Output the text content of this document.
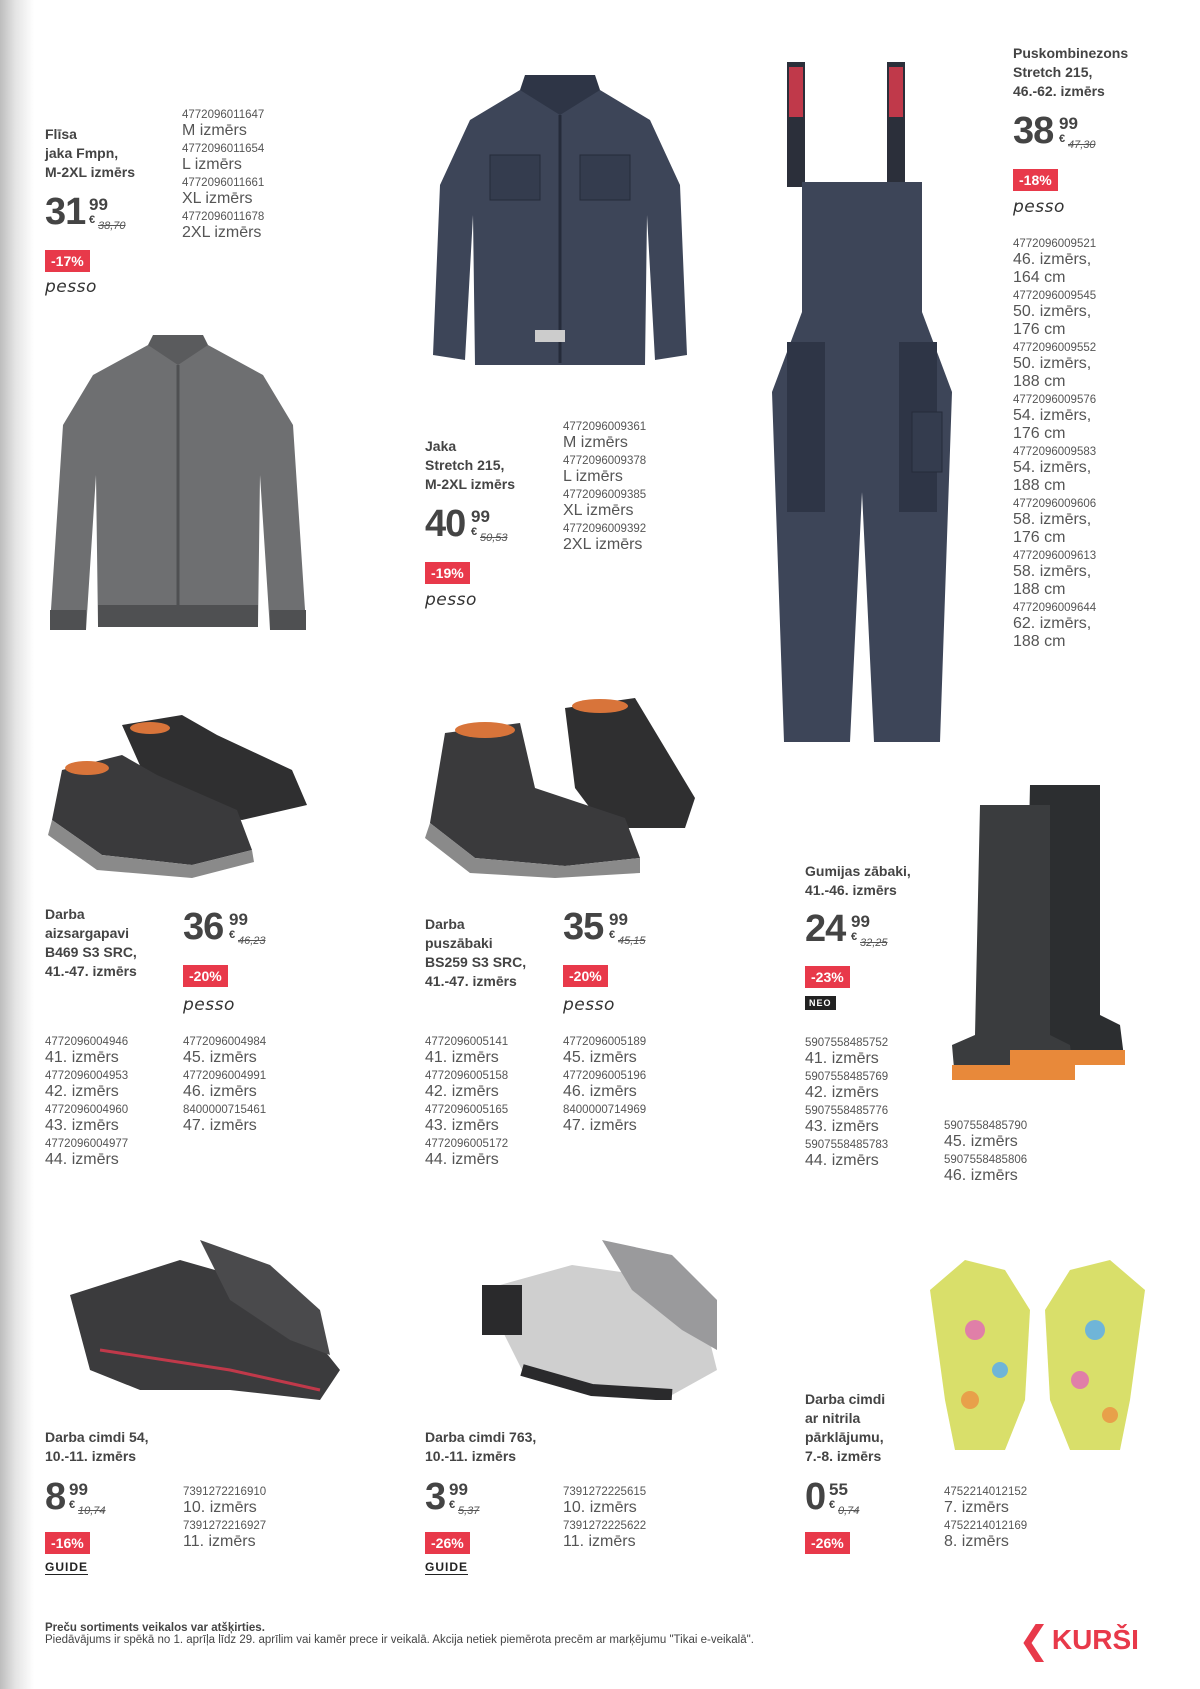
Flīsa
jaka Fmpn,
M-2XL izmērs
31 99
€ 38,70
-17%
pesso
4772096011647
M izmērs
4772096011654
L izmērs
4772096011661
XL izmērs
4772096011678
2XL izmērs
Jaka
Stretch 215,
M-2XL izmērs
40 99
€ 50,53
-19%
pesso
4772096009361
M izmērs
4772096009378
L izmērs
4772096009385
XL izmērs
4772096009392
2XL izmērs
Puskombinezons
Stretch 215,
46.-62. izmērs
38 99
€ 47,30
-18%
pesso
4772096009521
46. izmērs,
164 cm
4772096009545
50. izmērs,
176 cm
4772096009552
50. izmērs,
188 cm
4772096009576
54. izmērs,
176 cm
4772096009583
54. izmērs,
188 cm
4772096009606
58. izmērs,
176 cm
4772096009613
58. izmērs,
188 cm
4772096009644
62. izmērs,
188 cm
Darba
aizsargapavi
B469 S3 SRC,
41.-47. izmērs
36 99
€ 46,23
-20%
pesso
4772096004946
41. izmērs
4772096004953
42. izmērs
4772096004960
43. izmērs
4772096004977
44. izmērs
4772096004984
45. izmērs
4772096004991
46. izmērs
8400000715461
47. izmērs
Darba
puszābaki
BS259 S3 SRC,
41.-47. izmērs
35 99
€ 45,15
-20%
pesso
4772096005141
41. izmērs
4772096005158
42. izmērs
4772096005165
43. izmērs
4772096005172
44. izmērs
4772096005189
45. izmērs
4772096005196
46. izmērs
8400000714969
47. izmērs
Gumijas zābaki,
41.-46. izmērs
24 99
€ 32,25
-23%
NEO
5907558485752
41. izmērs
5907558485769
42. izmērs
5907558485776
43. izmērs
5907558485783
44. izmērs
5907558485790
45. izmērs
5907558485806
46. izmērs
Darba cimdi 54,
10.-11. izmērs
8 99
€ 10,74
-16%
GUIDE
7391272216910
10. izmērs
7391272216927
11. izmērs
Darba cimdi 763,
10.-11. izmērs
3 99
€ 5,37
-26%
GUIDE
7391272225615
10. izmērs
7391272225622
11. izmērs
Darba cimdi
ar nitrila
pārklājumu,
7.-8. izmērs
0 55
€ 0,74
-26%
4752214012152
7. izmērs
4752214012169
8. izmērs
Preču sortiments veikalos var atšķirties.
Piedāvājums ir spēkā no 1. aprīļa līdz 29. aprīlim vai kamēr prece ir veikalā. Akcija netiek piemērota precēm ar marķējumu "Tikai e-veikalā".	❮ KURŠI
